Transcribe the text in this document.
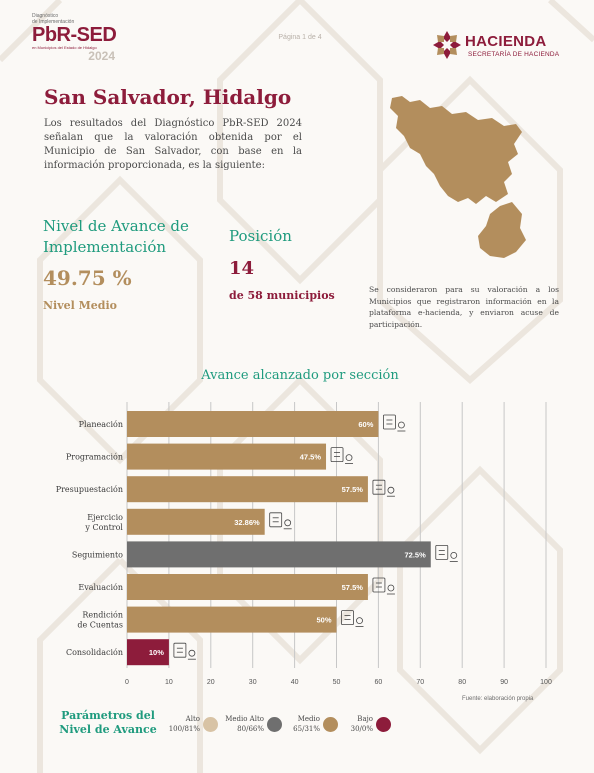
Diagnóstico
de Implementación
PbR-SED
en Municipios del Estado de Hidalgo
2024
Página 1 de 4	HACIENDA
SECRETARÍA DE HACIENDA
San Salvador, Hidalgo
Los resultados del Diagnóstico PbR-SED 2024 señalan que la valoración obtenida por el Municipio de San Salvador, con base en la información proporcionada, es la siguiente:
Nivel de Avance de
Implementación
49.75 %
Nivel Medio
Posición
14
de 58 municipios	Se consideraron para su valoración a los Municipios que registraron información en la plataforma e-hacienda, y enviaron acuse de participación.
Avance alcanzado por sección
0	10	20	30	40	50	60	70	80	90	100
60%
Planeación
47.5%
Programación
57.5%
Presupuestación
32.86%
Ejercicio y Control
72.5%
Seguimiento
57.5%
Evaluación
50%
Rendición de Cuentas
10%
Consolidación
Fuente: elaboración propia
Parámetros del
Nivel de Avance
Alto
100/81%
Medio Alto
80/66%
Medio
65/31%
Bajo
30/0%
